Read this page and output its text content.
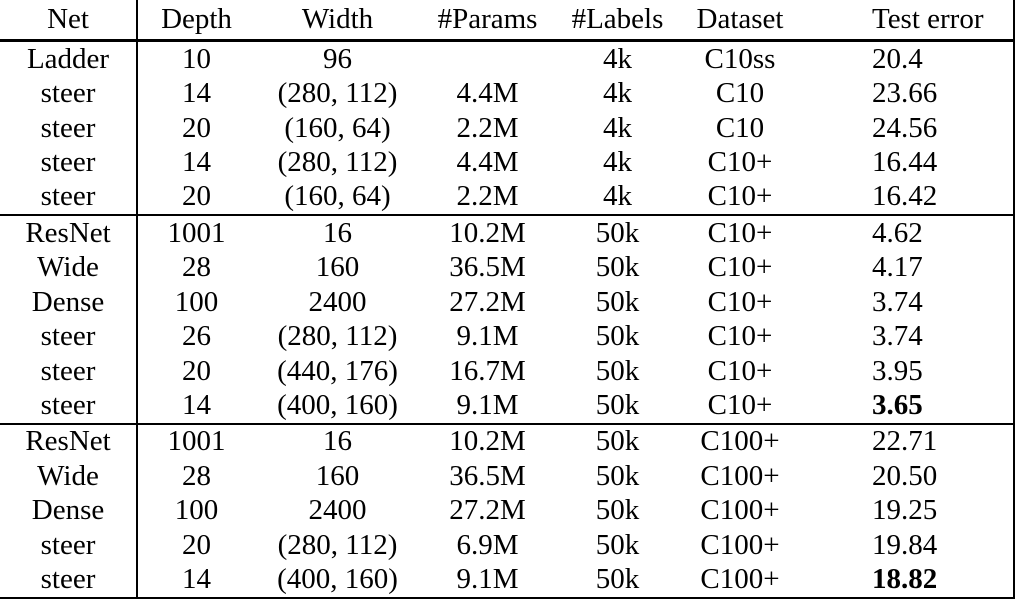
Net	Depth	Width	#Params	#Labels	Dataset	Test error
Ladder	10	96		4k	C10ss	20.4
steer	14	(280, 112)	4.4M	4k	C10	23.66
steer	20	(160, 64)	2.2M	4k	C10	24.56
steer	14	(280, 112)	4.4M	4k	C10+	16.44
steer	20	(160, 64)	2.2M	4k	C10+	16.42
ResNet	1001	16	10.2M	50k	C10+	4.62
Wide	28	160	36.5M	50k	C10+	4.17
Dense	100	2400	27.2M	50k	C10+	3.74
steer	26	(280, 112)	9.1M	50k	C10+	3.74
steer	20	(440, 176)	16.7M	50k	C10+	3.95
steer	14	(400, 160)	9.1M	50k	C10+	3.65
ResNet	1001	16	10.2M	50k	C100+	22.71
Wide	28	160	36.5M	50k	C100+	20.50
Dense	100	2400	27.2M	50k	C100+	19.25
steer	20	(280, 112)	6.9M	50k	C100+	19.84
steer	14	(400, 160)	9.1M	50k	C100+	18.82
